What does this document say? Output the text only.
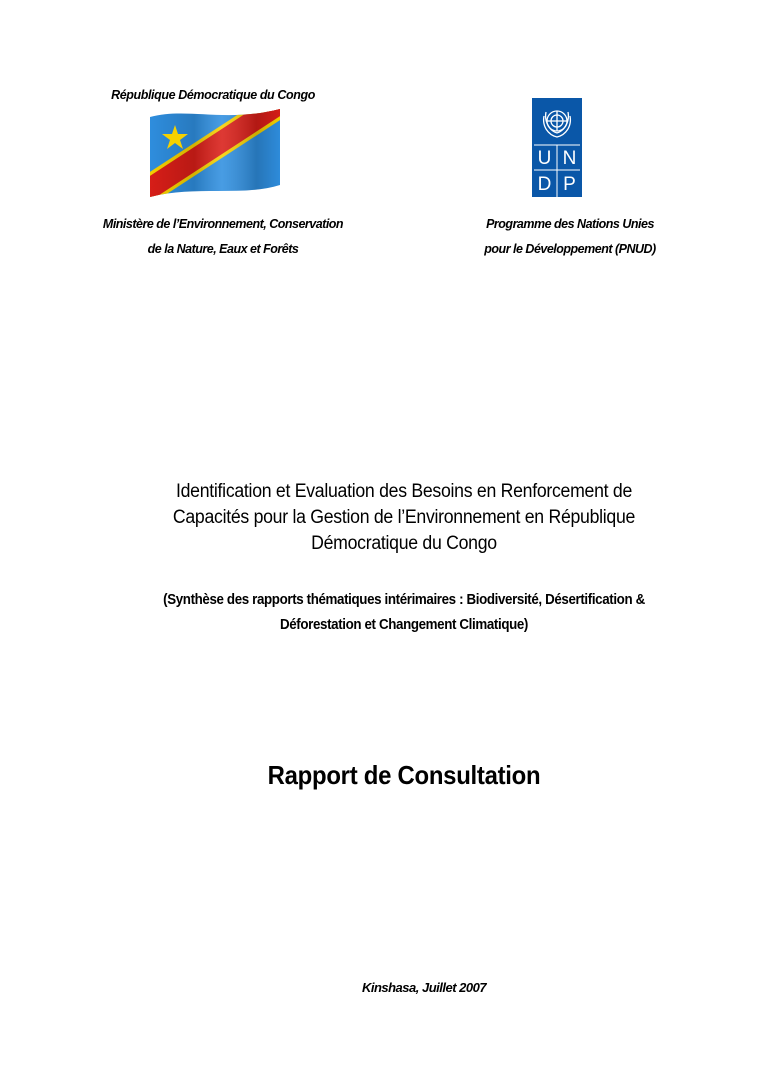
République Démocratique du Congo
Ministère de l’Environnement, Conservation
de la Nature, Eaux et Forêts
U N
D P
Programme des Nations Unies
pour le Développement (PNUD)
Identification et Evaluation des Besoins en Renforcement de
Capacités pour la Gestion de l’Environnement en République
Démocratique du Congo
(Synthèse des rapports thématiques intérimaires : Biodiversité, Désertification &
Déforestation et Changement Climatique)
Rapport de Consultation
Kinshasa, Juillet 2007
